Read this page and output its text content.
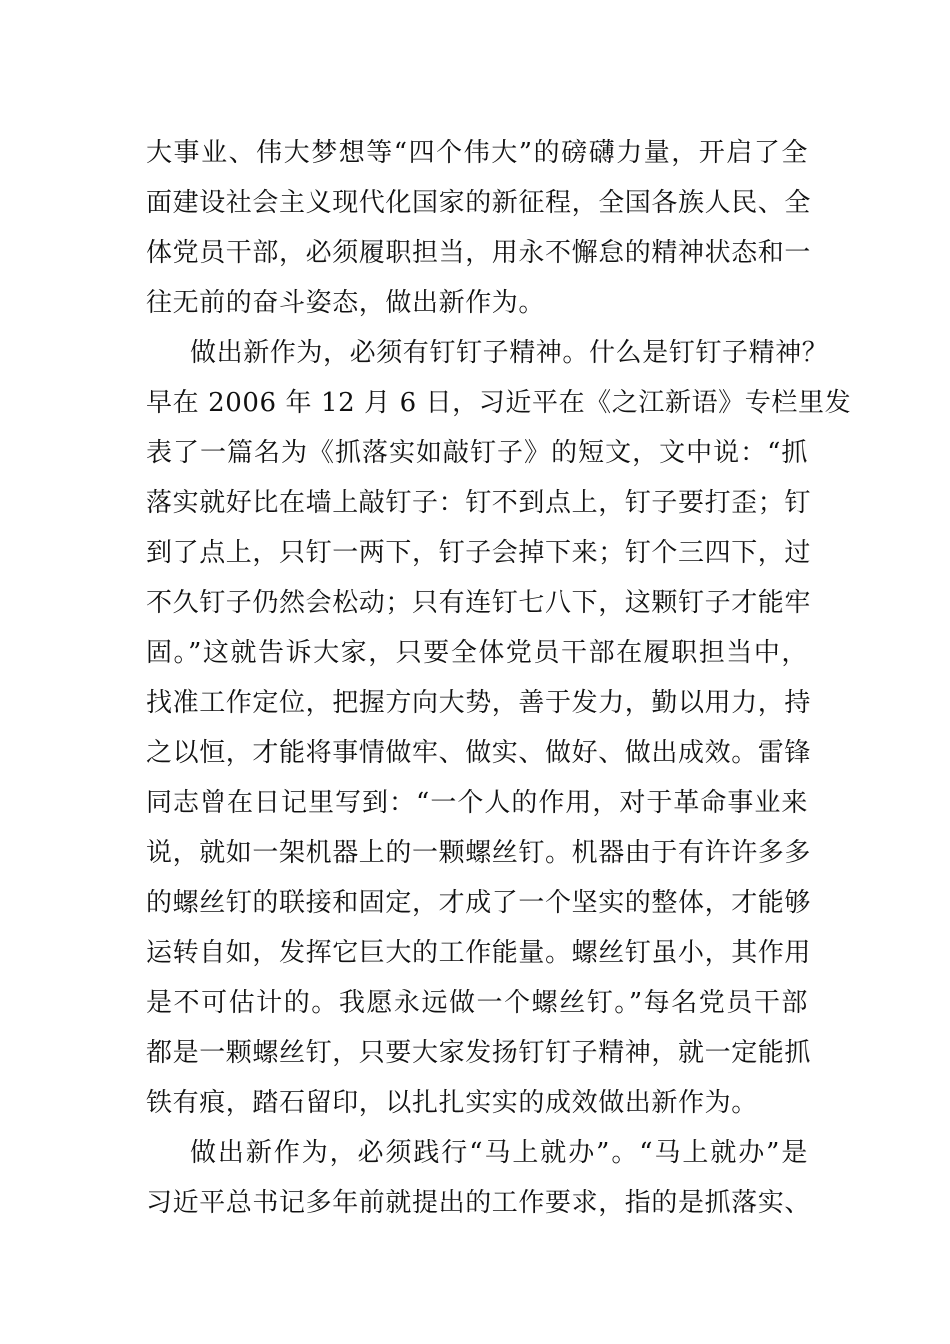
大事业、伟大梦想等“四个伟大”的磅礴力量，开启了全
面建设社会主义现代化国家的新征程，全国各族人民、全
体党员干部，必须履职担当，用永不懈怠的精神状态和一
往无前的奋斗姿态，做出新作为。
做出新作为，必须有钉钉子精神。什么是钉钉子精神？
早在 2006 年 12 月 6 日，习近平在《之江新语》专栏里发
表了一篇名为《抓落实如敲钉子》的短文，文中说：“抓
落实就好比在墙上敲钉子：钉不到点上，钉子要打歪；钉
到了点上，只钉一两下，钉子会掉下来；钉个三四下，过
不久钉子仍然会松动；只有连钉七八下，这颗钉子才能牢
固。”这就告诉大家，只要全体党员干部在履职担当中，
找准工作定位，把握方向大势，善于发力，勤以用力，持
之以恒，才能将事情做牢、做实、做好、做出成效。雷锋
同志曾在日记里写到：“一个人的作用，对于革命事业来
说，就如一架机器上的一颗螺丝钉。机器由于有许许多多
的螺丝钉的联接和固定，才成了一个坚实的整体，才能够
运转自如，发挥它巨大的工作能量。螺丝钉虽小，其作用
是不可估计的。我愿永远做一个螺丝钉。”每名党员干部
都是一颗螺丝钉，只要大家发扬钉钉子精神，就一定能抓
铁有痕，踏石留印，以扎扎实实的成效做出新作为。
做出新作为，必须践行“马上就办”。“马上就办”是
习近平总书记多年前就提出的工作要求，指的是抓落实、
